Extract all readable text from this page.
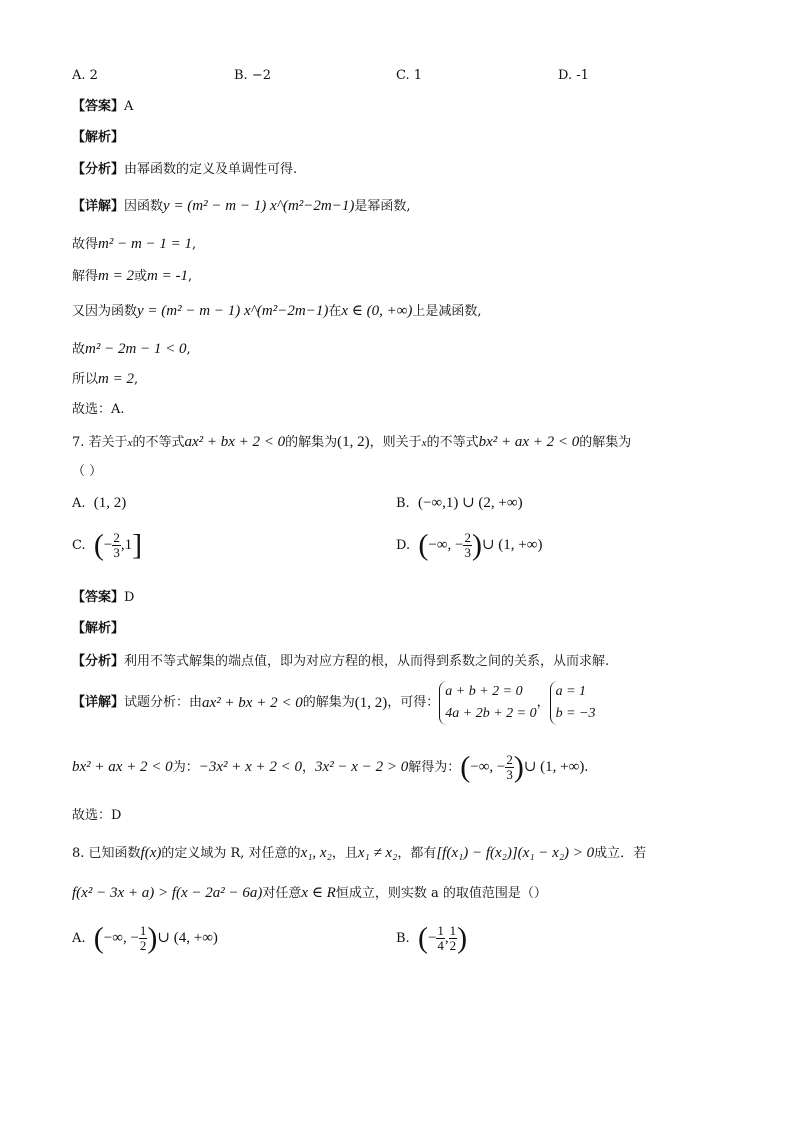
A. 2	B. −2	C. 1	D. -1
【答案】A
【解析】
【分析】由幂函数的定义及单调性可得.
【详解】因函数y = (m² − m − 1) x^(m²−2m−1)是幂函数,
故得m² − m − 1 = 1,
解得m = 2或m = -1,
又因为函数y = (m² − m − 1) x^(m²−2m−1)在x ∈ (0, +∞)上是减函数,
故m² − 2m − 1 < 0,
所以m = 2,
故选：A.
7. 若关于x的不等式ax² + bx + 2 < 0的解集为(1, 2)，则关于x的不等式bx² + ax + 2 < 0的解集为
（ ）
A. (1, 2)	B. (−∞,1) ∪ (2, +∞)
C. (− $\frac{2}{3} ,1$]	D. (−∞, − $\frac{2}{3}$ )∪ (1, +∞)
【答案】D
【解析】
【分析】利用不等式解集的端点值，即为对应方程的根，从而得到系数之间的关系，从而求解.
【详解】试题分析：由ax² + bx + 2 < 0的解集为(1, 2)，可得：
a + b + 2 = 0
4a + 2b + 2 = 0
，
a = 1
b = −3
bx² + ax + 2 < 0为：−3x² + x + 2 < 0，3x² − x − 2 > 0解得为：(−∞, − $\frac{2}{3}$ )∪ (1, +∞).
故选：D
8. 已知函数f(x)的定义域为 R, 对任意的x₁, x₂，且x₁ ≠ x₂，都有[f(x₁) − f(x₂)](x₁ − x₂) > 0成立．若
f(x² − 3x + a) > f(x − 2a² − 6a)对任意x ∈ R恒成立，则实数 a 的取值范围是（）
A. (−∞, − $\frac{1}{2}$ )∪ (4, +∞)	B. (− $\frac{1}{4}$ , $\frac{1}{2}$ )
